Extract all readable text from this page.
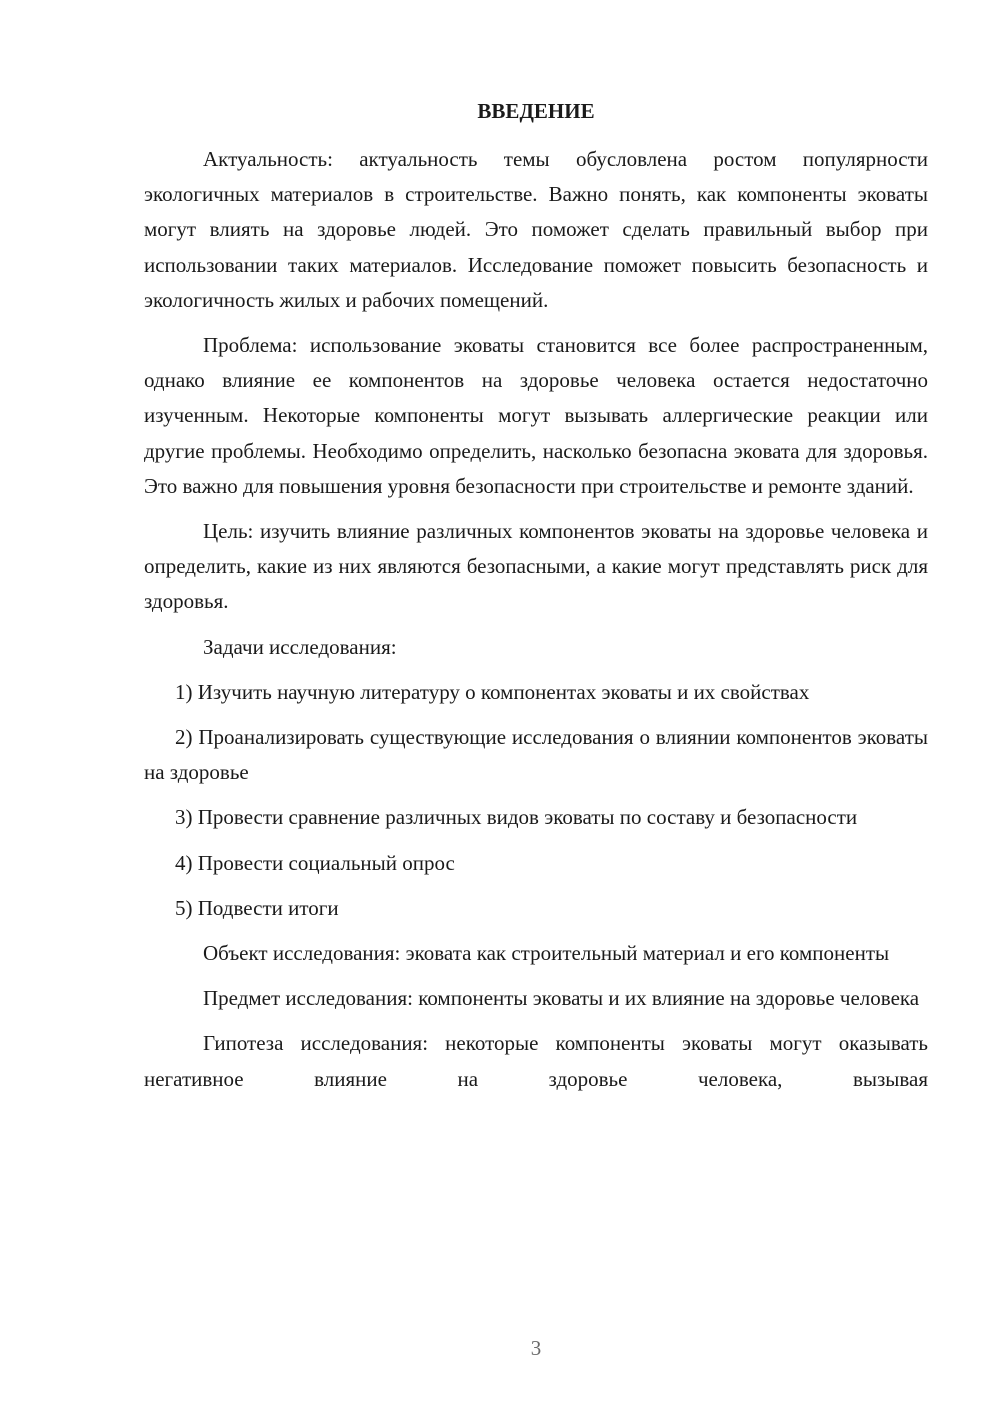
ВВЕДЕНИЕ

Актуальность: актуальность темы обусловлена ростом популярности экологичных материалов в строительстве. Важно понять, как компоненты эковаты могут влиять на здоровье людей. Это поможет сделать правильный выбор при использовании таких материалов. Исследование поможет повысить безопасность и экологичность жилых и рабочих помещений.

Проблема: использование эковаты становится все более распространенным, однако влияние ее компонентов на здоровье человека остается недостаточно изученным. Некоторые компоненты могут вызывать аллергические реакции или другие проблемы. Необходимо определить, насколько безопасна эковата для здоровья. Это важно для повышения уровня безопасности при строительстве и ремонте зданий.

Цель: изучить влияние различных компонентов эковаты на здоровье человека и определить, какие из них являются безопасными, а какие могут представлять риск для здоровья.

Задачи исследования:

1) Изучить научную литературу о компонентах эковаты и их свойствах

2) Проанализировать существующие исследования о влиянии компонентов эковаты на здоровье

3) Провести сравнение различных видов эковаты по составу и безопасности

4) Провести социальный опрос

5) Подвести итоги

Объект исследования: эковата как строительный материал и его компоненты

Предмет исследования: компоненты эковаты и их влияние на здоровье человека

Гипотеза исследования: некоторые компоненты эковаты могут оказывать негативное влияние на здоровье человека, вызывая

3
